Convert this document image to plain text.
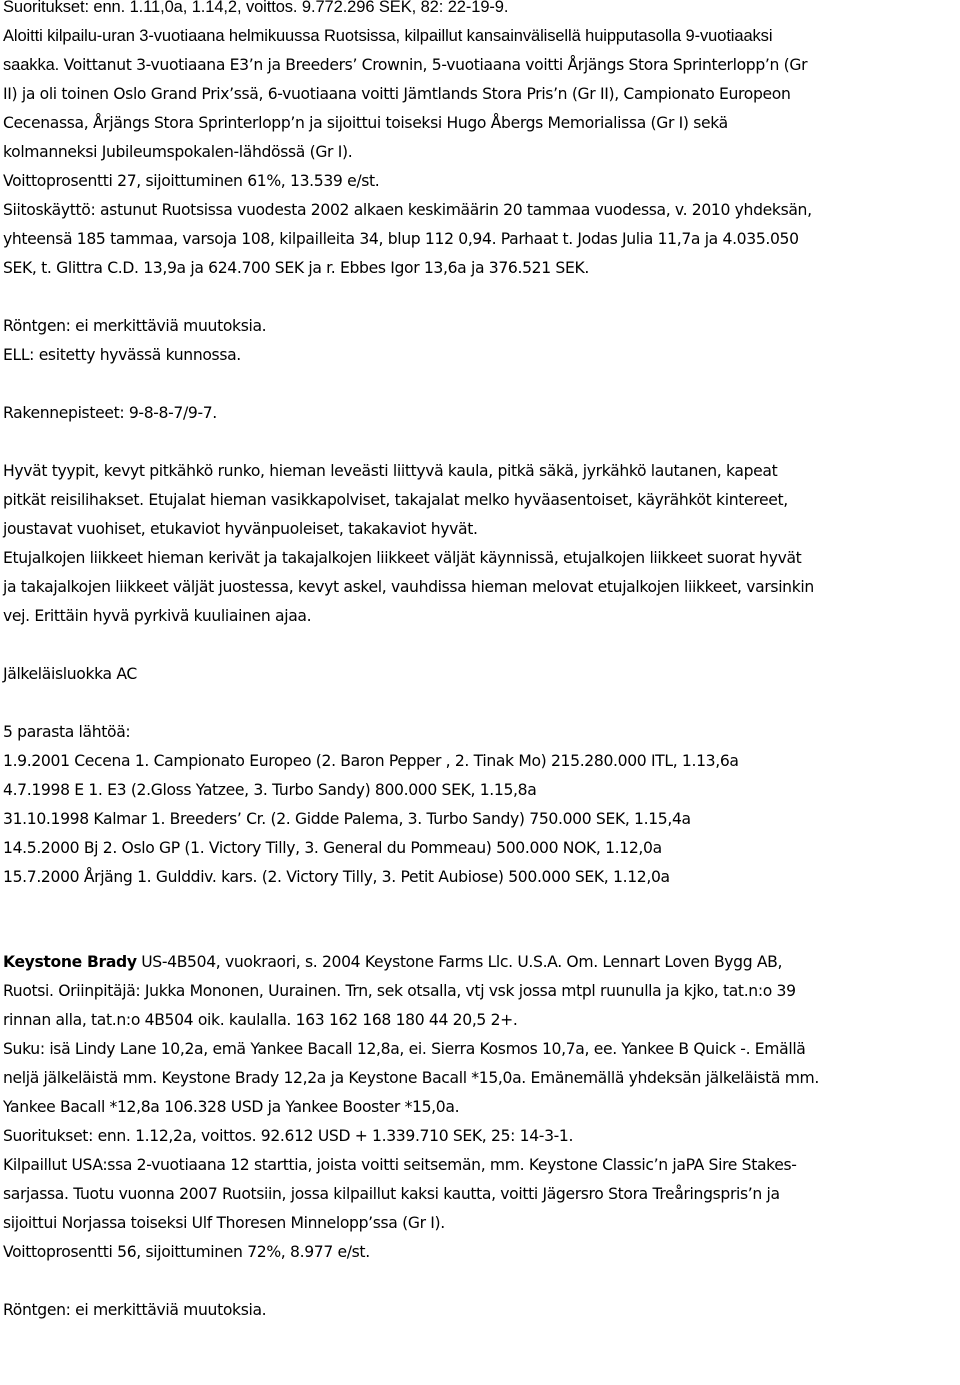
Suoritukset: enn. 1.11,0a, 1.14,2, voittos. 9.772.296 SEK, 82: 22-19-9.
Aloitti kilpailu-uran 3-vuotiaana helmikuussa Ruotsissa, kilpaillut kansainvälisellä huipputasolla 9-vuotiaaksi
saakka. Voittanut 3-vuotiaana E3’n ja Breeders’ Crownin, 5-vuotiaana voitti Årjängs Stora Sprinterlopp’n (Gr
II) ja oli toinen Oslo Grand Prix’ssä, 6-vuotiaana voitti Jämtlands Stora Pris’n (Gr II), Campionato Europeon
Cecenassa, Årjängs Stora Sprinterlopp’n ja sijoittui toiseksi Hugo Åbergs Memorialissa (Gr I) sekä
kolmanneksi Jubileumspokalen-lähdössä (Gr I).
Voittoprosentti 27, sijoittuminen 61%, 13.539 e/st.
Siitoskäyttö: astunut Ruotsissa vuodesta 2002 alkaen keskimäärin 20 tammaa vuodessa, v. 2010 yhdeksän,
yhteensä 185 tammaa, varsoja 108, kilpailleita 34, blup 112 0,94. Parhaat t. Jodas Julia 11,7a ja 4.035.050
SEK, t. Glittra C.D. 13,9a ja 624.700 SEK ja r. Ebbes Igor 13,6a ja 376.521 SEK.
Röntgen: ei merkittäviä muutoksia.
ELL: esitetty hyvässä kunnossa.
Rakennepisteet: 9-8-8-7/9-7.
Hyvät tyypit, kevyt pitkähkö runko, hieman leveästi liittyvä kaula, pitkä säkä, jyrkähkö lautanen, kapeat
pitkät reisilihakset. Etujalat hieman vasikkapolviset, takajalat melko hyväasentoiset, käyrähköt kintereet,
joustavat vuohiset, etukaviot hyvänpuoleiset, takakaviot hyvät.
Etujalkojen liikkeet hieman kerivät ja takajalkojen liikkeet väljät käynnissä, etujalkojen liikkeet suorat hyvät
ja takajalkojen liikkeet väljät juostessa, kevyt askel, vauhdissa hieman melovat etujalkojen liikkeet, varsinkin
vej. Erittäin hyvä pyrkivä kuuliainen ajaa.
Jälkeläisluokka AC
5 parasta lähtöä:
1.9.2001 Cecena 1. Campionato Europeo (2. Baron Pepper , 2. Tinak Mo) 215.280.000 ITL, 1.13,6a
4.7.1998 E 1. E3 (2.Gloss Yatzee, 3. Turbo Sandy) 800.000 SEK, 1.15,8a
31.10.1998 Kalmar 1. Breeders’ Cr. (2. Gidde Palema, 3. Turbo Sandy) 750.000 SEK, 1.15,4a
14.5.2000 Bj 2. Oslo GP (1. Victory Tilly, 3. General du Pommeau) 500.000 NOK, 1.12,0a
15.7.2000 Årjäng 1. Gulddiv. kars. (2. Victory Tilly, 3. Petit Aubiose) 500.000 SEK, 1.12,0a
Keystone Brady US-4B504, vuokraori, s. 2004 Keystone Farms Llc. U.S.A. Om. Lennart Loven Bygg AB,
Ruotsi. Oriinpitäjä: Jukka Mononen, Uurainen. Trn, sek otsalla, vtj vsk jossa mtpl ruunulla ja kjko, tat.n:o 39
rinnan alla, tat.n:o 4B504 oik. kaulalla. 163 162 168 180 44 20,5 2+.
Suku: isä Lindy Lane 10,2a, emä Yankee Bacall 12,8a, ei. Sierra Kosmos 10,7a, ee. Yankee B Quick -. Emällä
neljä jälkeläistä mm. Keystone Brady 12,2a ja Keystone Bacall *15,0a. Emänemällä yhdeksän jälkeläistä mm.
Yankee Bacall *12,8a 106.328 USD ja Yankee Booster *15,0a.
Suoritukset: enn. 1.12,2a, voittos. 92.612 USD + 1.339.710 SEK, 25: 14-3-1.
Kilpaillut USA:ssa 2-vuotiaana 12 starttia, joista voitti seitsemän, mm. Keystone Classic’n jaPA Sire Stakes-
sarjassa. Tuotu vuonna 2007 Ruotsiin, jossa kilpaillut kaksi kautta, voitti Jägersro Stora Treåringspris’n ja
sijoittui Norjassa toiseksi Ulf Thoresen Minnelopp’ssa (Gr I).
Voittoprosentti 56, sijoittuminen 72%, 8.977 e/st.
Röntgen: ei merkittäviä muutoksia.
